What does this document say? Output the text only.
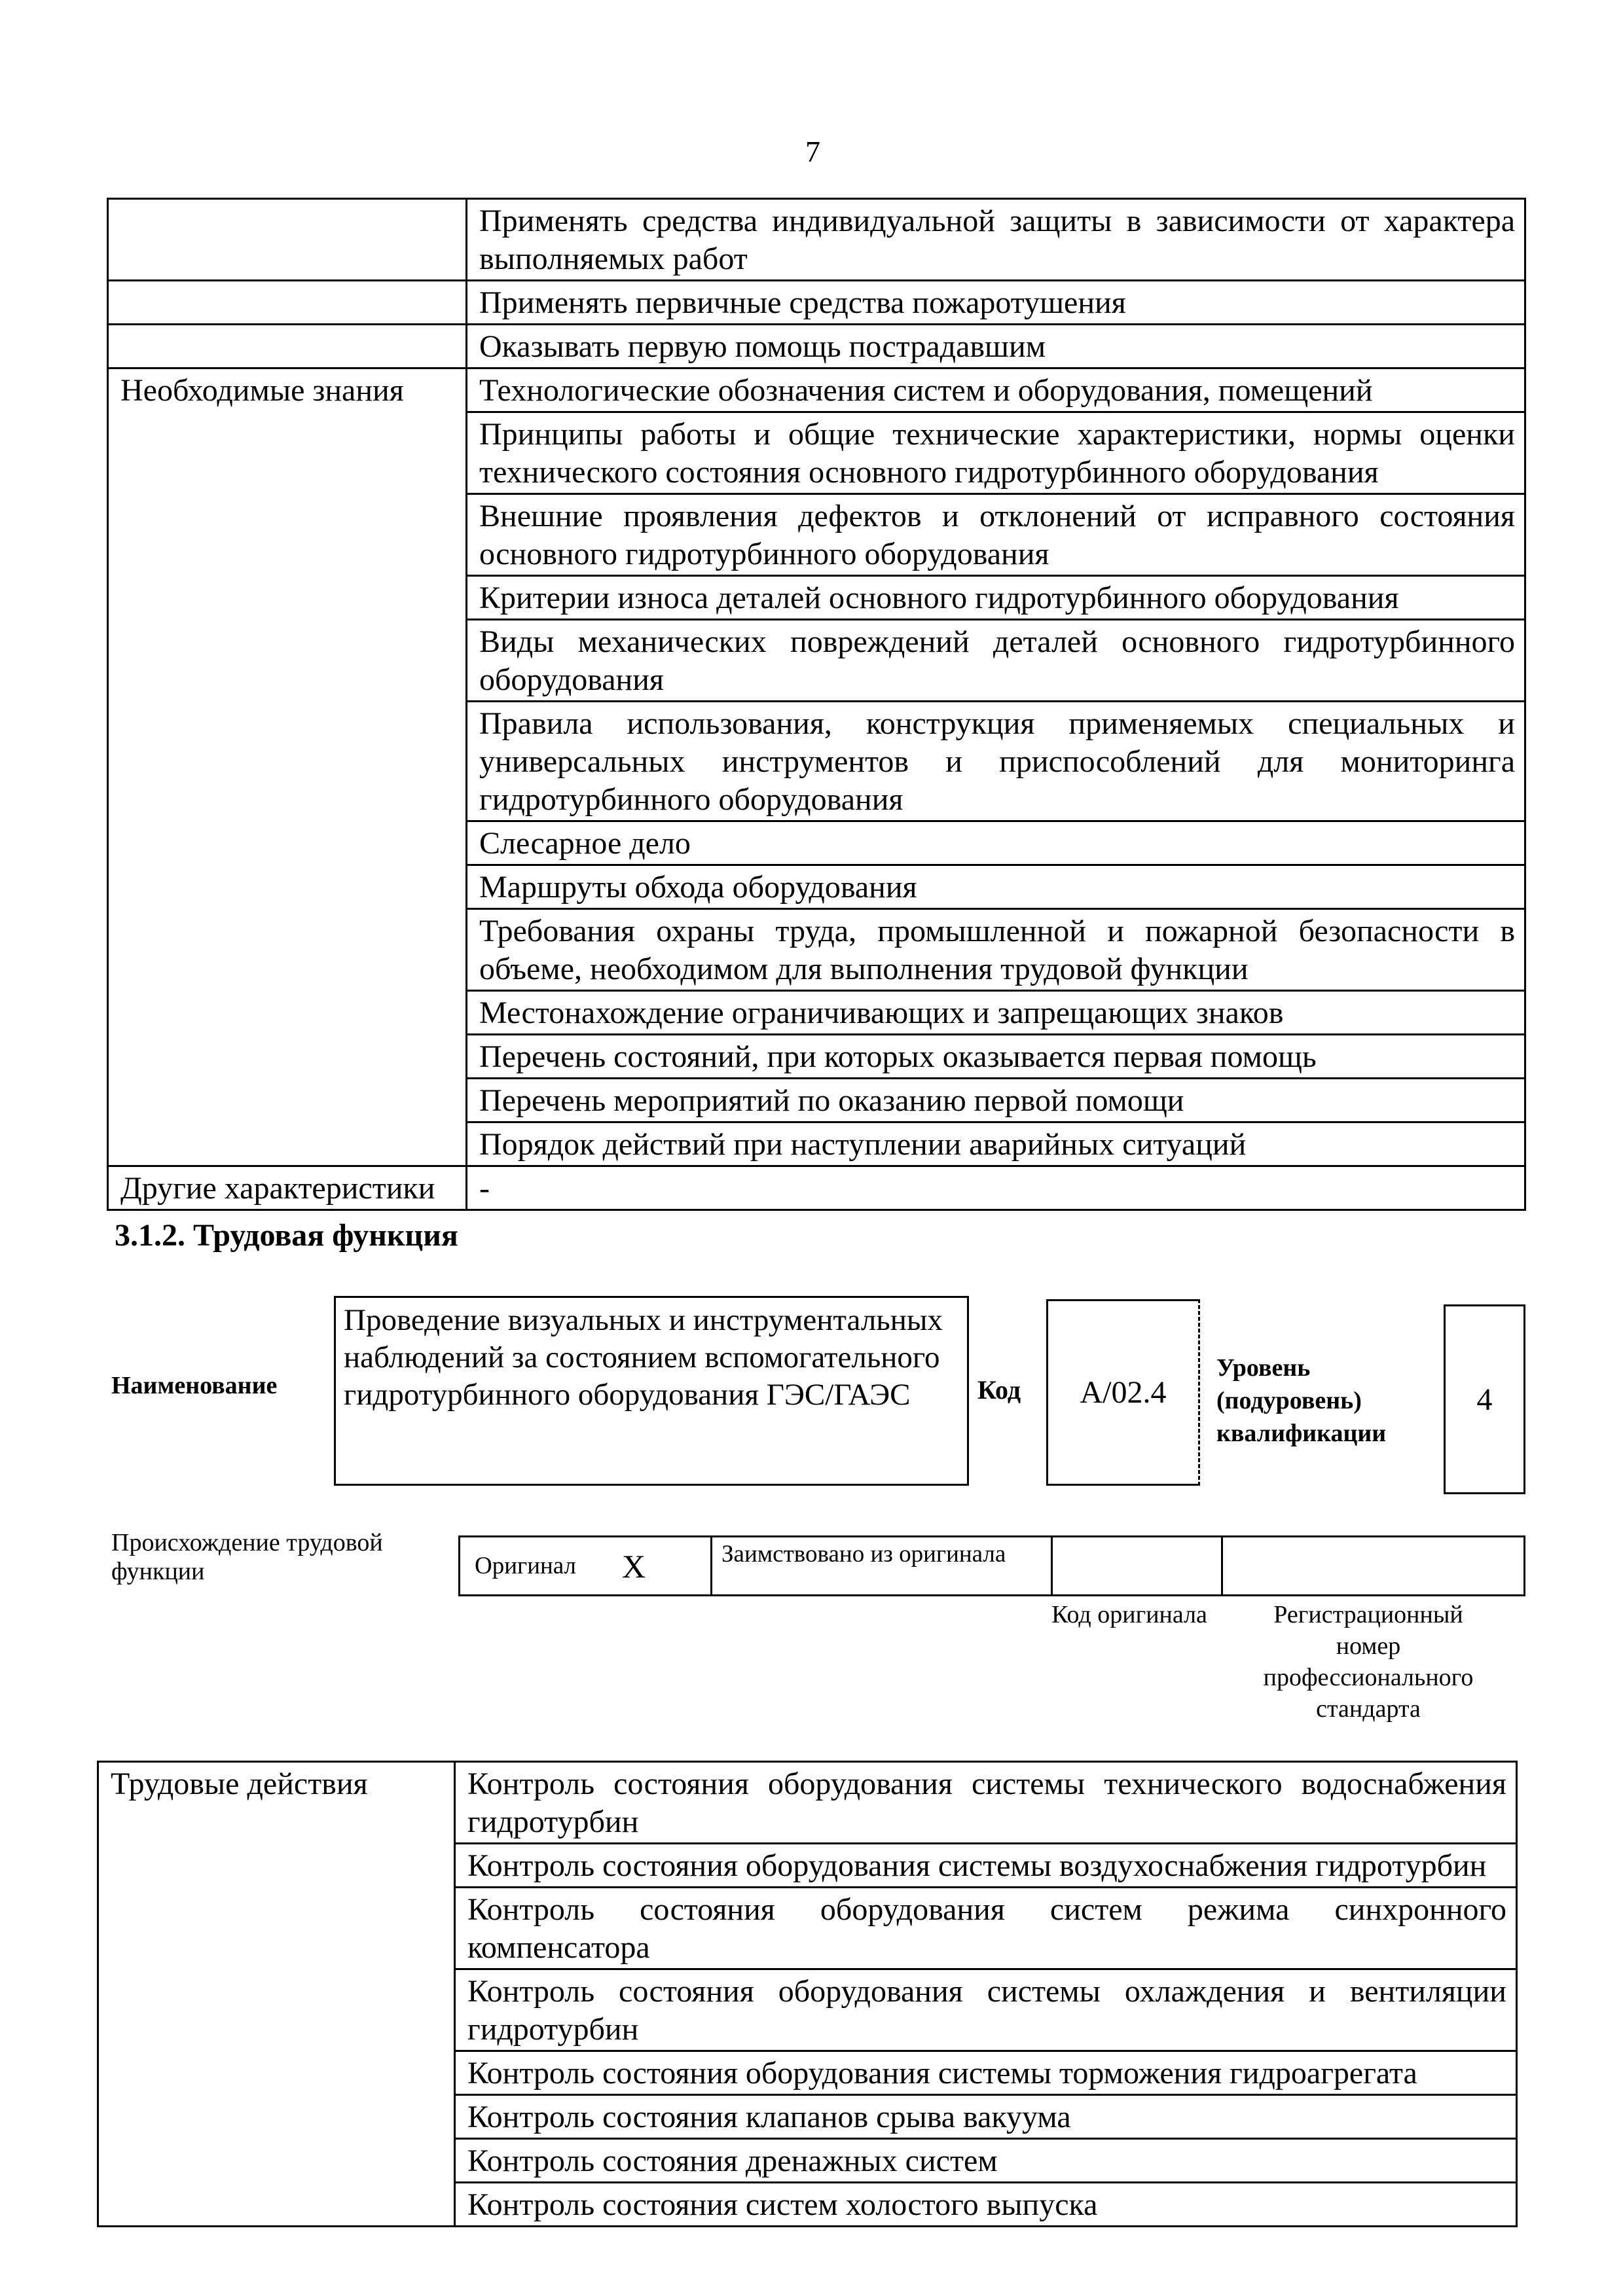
7
	Применять средства индивидуальной защиты в зависимости от характера выполняемых работ
	Применять первичные средства пожаротушения
	Оказывать первую помощь пострадавшим
Необходимые знания	Технологические обозначения систем и оборудования, помещений
	Принципы работы и общие технические характеристики, нормы оценки технического состояния основного гидротурбинного оборудования
	Внешние проявления дефектов и отклонений от исправного состояния основного гидротурбинного оборудования
	Критерии износа деталей основного гидротурбинного оборудования
	Виды механических повреждений деталей основного гидротурбинного оборудования
	Правила использования, конструкция применяемых специальных и универсальных инструментов и приспособлений для мониторинга гидротурбинного оборудования
	Слесарное дело
	Маршруты обхода оборудования
	Требования охраны труда, промышленной и пожарной безопасности в объеме, необходимом для выполнения трудовой функции
	Местонахождение ограничивающих и запрещающих знаков
	Перечень состояний, при которых оказывается первая помощь
	Перечень мероприятий по оказанию первой помощи
	Порядок действий при наступлении аварийных ситуаций
Другие характеристики	-
3.1.2. Трудовая функция
Наименование
Проведение визуальных и инструментальных наблюдений за состоянием вспомогательного гидротурбинного оборудования ГЭС/ГАЭС	Код	A/02.4
Уровень (подуровень) квалификации
4
Происхождение трудовой функции	Оригинал X	Заимствовано из оригинала
Код оригинала	Регистрационный номер профессионального стандарта
Трудовые действия	Контроль состояния оборудования системы технического водоснабжения гидротурбин
Контроль состояния оборудования системы воздухоснабжения гидротурбин
Контроль состояния оборудования систем режима синхронного компенсатора
Контроль состояния оборудования системы охлаждения и вентиляции гидротурбин
Контроль состояния оборудования системы торможения гидроагрегата
Контроль состояния клапанов срыва вакуума
Контроль состояния дренажных систем
Контроль состояния систем холостого выпуска
